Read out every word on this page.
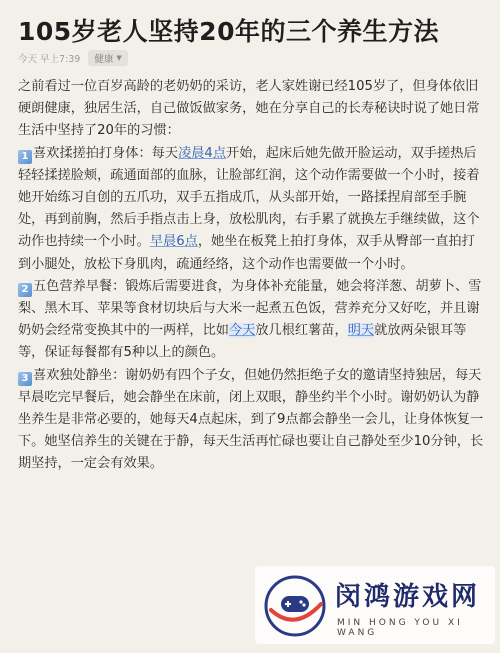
105岁老人坚持20年的三个养生方法
今天 早上7:39 健康 ▼

之前看过一位百岁高龄的老奶奶的采访，老人家姓谢已经105岁了，但身体依旧硬朗健康，独居生活，自己做饭做家务，她在分享自己的长寿秘诀时说了她日常生活中坚持了20年的习惯：

1 喜欢揉搓拍打身体：每天凌晨4点开始，起床后她先做开脸运动，双手搓热后轻轻揉搓脸颊，疏通面部的血脉，让脸部红润，这个动作需要做一个小时，接着她开始练习自创的五爪功，双手五指成爪，从头部开始，一路揉捏肩部至手腕处，再到前胸，然后手指点击上身，放松肌肉，右手累了就换左手继续做，这个动作也持续一个小时。早晨6点，她坐在板凳上拍打身体，双手从臀部一直拍打到小腿处，放松下身肌肉，疏通经络，这个动作也需要做一个小时。

2 五色营养早餐：锻炼后需要进食，为身体补充能量，她会将洋葱、胡萝卜、雪梨、黑木耳、苹果等食材切块后与大米一起煮五色饭，营养充分又好吃，并且谢奶奶会经常变换其中的一两样，比如今天放几根红薯苗，明天就放两朵银耳等等，保证每餐都有5种以上的颜色。

3 喜欢独处静坐：谢奶奶有四个子女，但她仍然拒绝子女的邀请坚持独居，每天早晨吃完早餐后，她会静坐在床前，闭上双眼，静坐约半个小时。谢奶奶认为静坐养生是非常必要的，她每天4点起床，到了9点都会静坐一会儿，让身体恢复一下。她坚信养生的关键在于静，每天生活再忙碌也要让自己静处至少10分钟，长期坚持，一定会有效果。

闵鸿游戏网
MIN HONG YOU XI WANG
